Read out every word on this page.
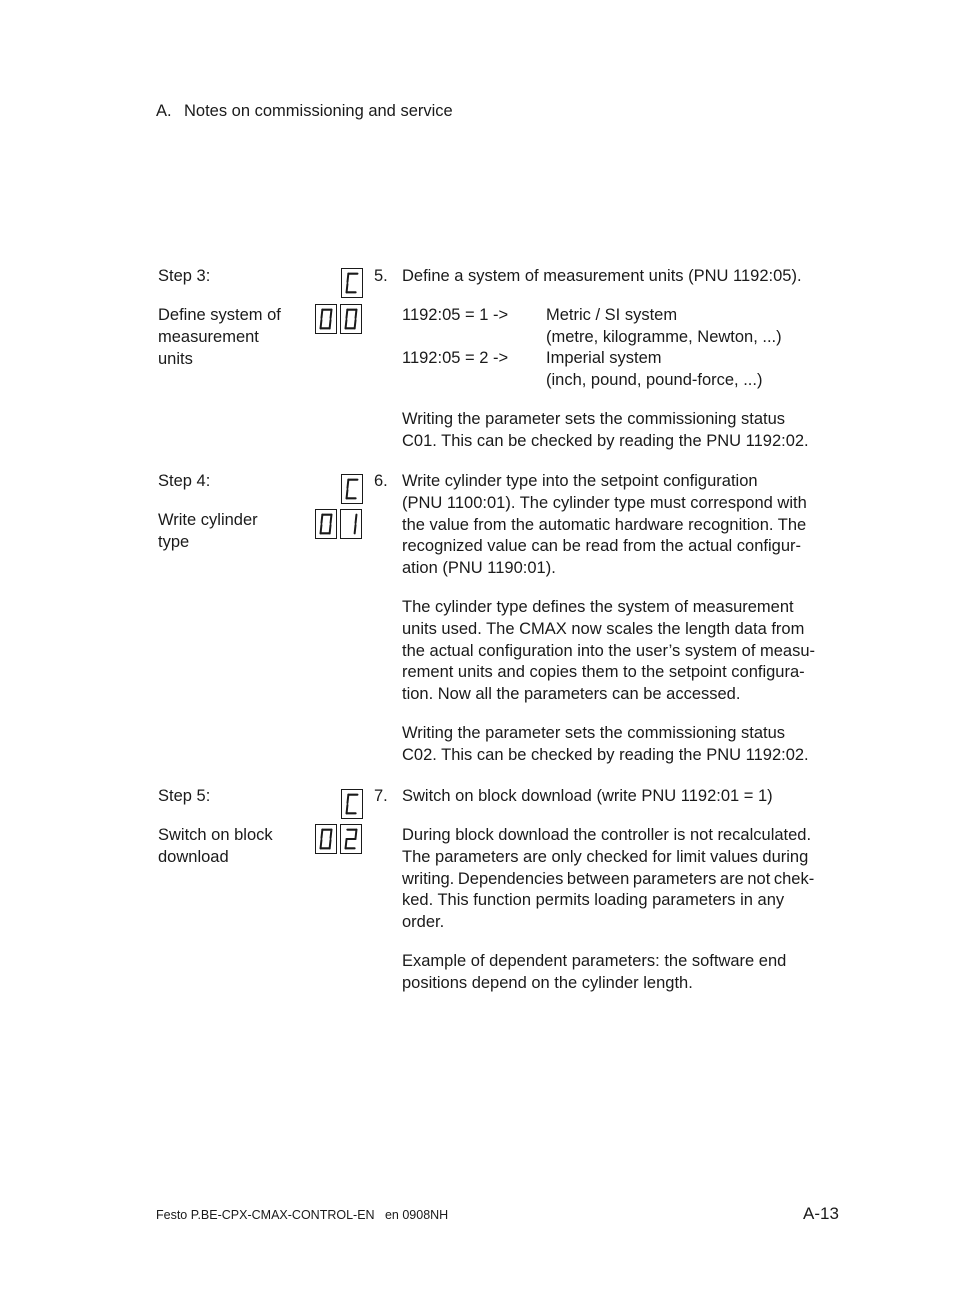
A. Notes on commissioning and service
Step 3:
Define system of
measurement
units
5. Define a system of measurement units (PNU 1192:05).
1192:05 = 1 -> Metric / SI system
(metre, kilogramme, Newton, ...)
1192:05 = 2 -> Imperial system
(inch, pound, pound-force, ...)
Writing the parameter sets the commissioning status
C01. This can be checked by reading the PNU 1192:02.
Step 4:
Write cylinder
type
6. Write cylinder type into the setpoint configuration
(PNU 1100:01). The cylinder type must correspond with
the value from the automatic hardware recognition. The
recognized value can be read from the actual configur-
ation (PNU 1190:01).
The cylinder type defines the system of measurement
units used. The CMAX now scales the length data from
the actual configuration into the user’s system of measu-
rement units and copies them to the setpoint configura-
tion. Now all the parameters can be accessed.
Writing the parameter sets the commissioning status
C02. This can be checked by reading the PNU 1192:02.
Step 5:
Switch on block
download
7. Switch on block download (write PNU 1192:01 = 1)
During block download the controller is not recalculated.
The parameters are only checked for limit values during
writing. Dependencies between parameters are not chek-
ked. This function permits loading parameters in any
order.
Example of dependent parameters: the software end
positions depend on the cylinder length.
Festo P.BE-CPX-CMAX-CONTROL-EN   en 0908NH	A-13
